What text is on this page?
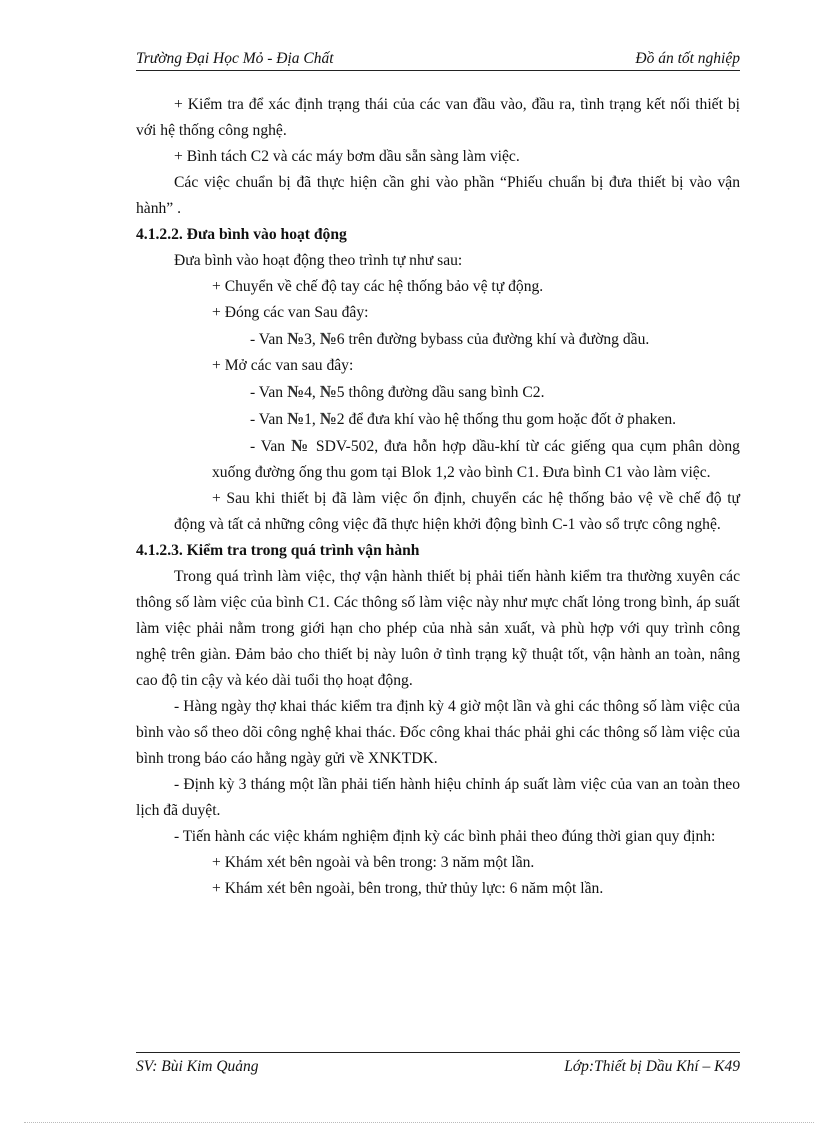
Trường Đại Học Mỏ - Địa Chất	Đồ án tốt nghiệp

+ Kiểm tra để xác định trạng thái của các van đầu vào, đầu ra, tình trạng kết nối thiết bị với hệ thống công nghệ.

+ Bình tách C2 và các máy bơm dầu sẵn sàng làm việc.

Các việc chuẩn bị đã thực hiện cần ghi vào phần “Phiếu chuẩn bị đưa thiết bị vào vận hành” .

4.1.2.2. Đưa bình vào hoạt động

Đưa bình vào hoạt động theo trình tự như sau:

+ Chuyển về chế độ tay các hệ thống bảo vệ tự động.

+ Đóng các van Sau đây:

- Van №3, №6 trên đường bybass của đường khí và đường dầu.

+ Mở các van sau đây:

- Van №4, №5 thông đường dầu sang bình C2.

- Van №1, №2 để đưa khí vào hệ thống thu gom hoặc đốt ở phaken.

- Van № SDV-502, đưa hỗn hợp dầu-khí từ các giếng qua cụm phân dòng xuống đường ống thu gom tại Blok 1,2 vào bình C1. Đưa bình C1 vào làm việc.

+ Sau khi thiết bị đã làm việc ổn định, chuyển các hệ thống bảo vệ về chế độ tự động và tất cả những công việc đã thực hiện khởi động bình C-1 vào sổ trực công nghệ.

4.1.2.3. Kiểm tra trong quá trình vận hành

Trong quá trình làm việc, thợ vận hành thiết bị phải tiến hành kiểm tra thường xuyên các thông số làm việc của bình C1. Các thông số làm việc này như mực chất lỏng trong bình, áp suất làm việc phải nằm trong giới hạn cho phép của nhà sản xuất, và phù hợp với quy trình công nghệ trên giàn. Đảm bảo cho thiết bị này luôn ở tình trạng kỹ thuật tốt, vận hành an toàn, nâng cao độ tin cậy và kéo dài tuổi thọ hoạt động.

- Hàng ngày thợ khai thác kiểm tra định kỳ 4 giờ một lần và ghi các thông số làm việc của bình vào sổ theo dõi công nghệ khai thác. Đốc công khai thác phải ghi các thông số làm việc của bình trong báo cáo hằng ngày gửi về XNKTDK.

- Định kỳ 3 tháng một lần phải tiến hành hiệu chỉnh áp suất làm việc của van an toàn theo lịch đã duyệt.

- Tiến hành các việc khám nghiệm định kỳ các bình phải theo đúng thời gian quy định:

+ Khám xét bên ngoài và bên trong: 3 năm một lần.

+ Khám xét bên ngoài, bên trong, thử thủy lực: 6 năm một lần.

SV: Bùi Kim Quảng	Lớp:Thiết bị Dầu Khí – K49
